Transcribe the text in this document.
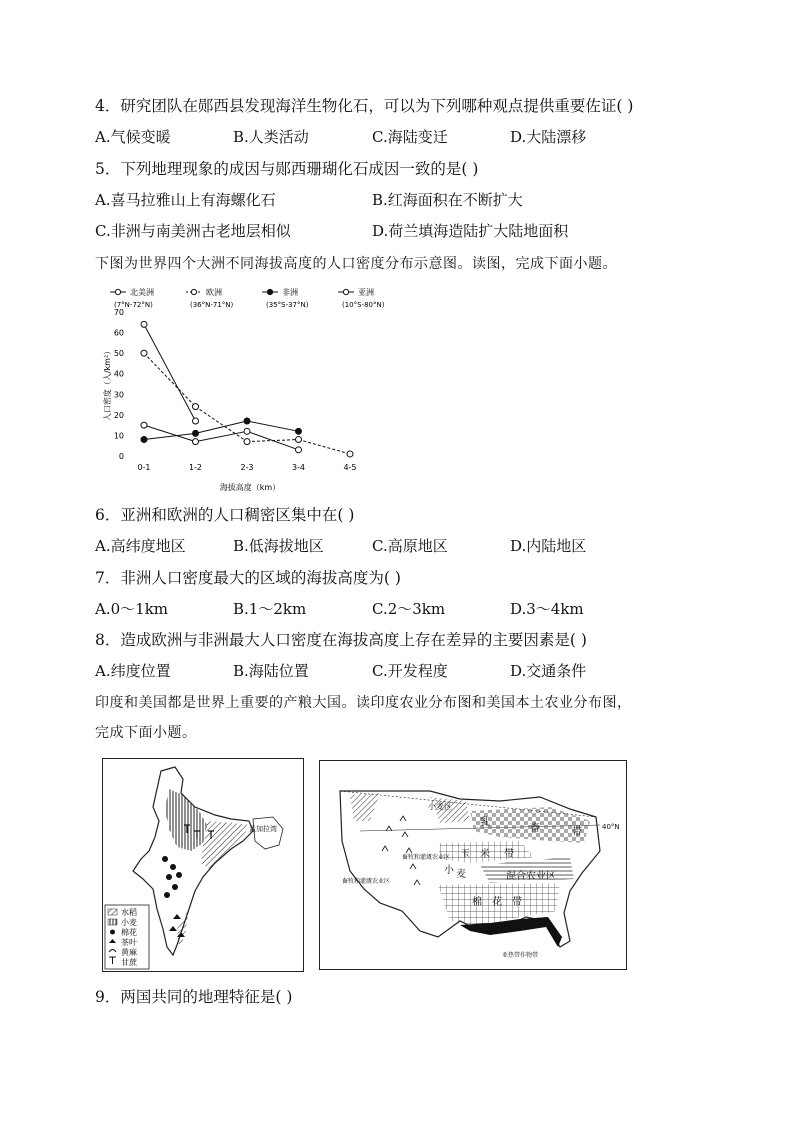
4．研究团队在郧西县发现海洋生物化石，可以为下列哪种观点提供重要佐证( )
A.气候变暖	B.人类活动	C.海陆变迁	D.大陆漂移
5．下列地理现象的成因与郧西珊瑚化石成因一致的是( )
A.喜马拉雅山上有海螺化石	B.红海面积在不断扩大
C.非洲与南美洲古老地层相似	D.荷兰填海造陆扩大陆地面积
下图为世界四个大洲不同海拔高度的人口密度分布示意图。读图，完成下面小题。
0
10
20
30
40
50
60
70
0-1	1-2	2-3	3-4	4-5
海拔高度（km）
人口密度（人/km²）
北美洲
(7°N-72°N)
欧洲
(36°N-71°N)
非洲
(35°S-37°N)
亚洲
(10°S-80°N)
6．亚洲和欧洲的人口稠密区集中在( )
A.高纬度地区	B.低海拔地区	C.高原地区	D.内陆地区
7．非洲人口密度最大的区域的海拔高度为( )
A.0～1km	B.1～2km	C.2～3km	D.3～4km
8．造成欧洲与非洲最大人口密度在海拔高度上存在差异的主要因素是( )
A.纬度位置	B.海陆位置	C.开发程度	D.交通条件
印度和美国都是世界上重要的产粮大国。读印度农业分布图和美国本土农业分布图，
完成下面小题。
孟加拉湾
水稻
小麦
棉花
茶叶
黄麻
甘蔗
小麦区
乳
畜	带	40°N
玉 米 带
小 麦	混合农业区
棉 花 带
畜牧和灌溉农业区
畜牧和灌溉农业区
亚热带作物带
9．两国共同的地理特征是( )
